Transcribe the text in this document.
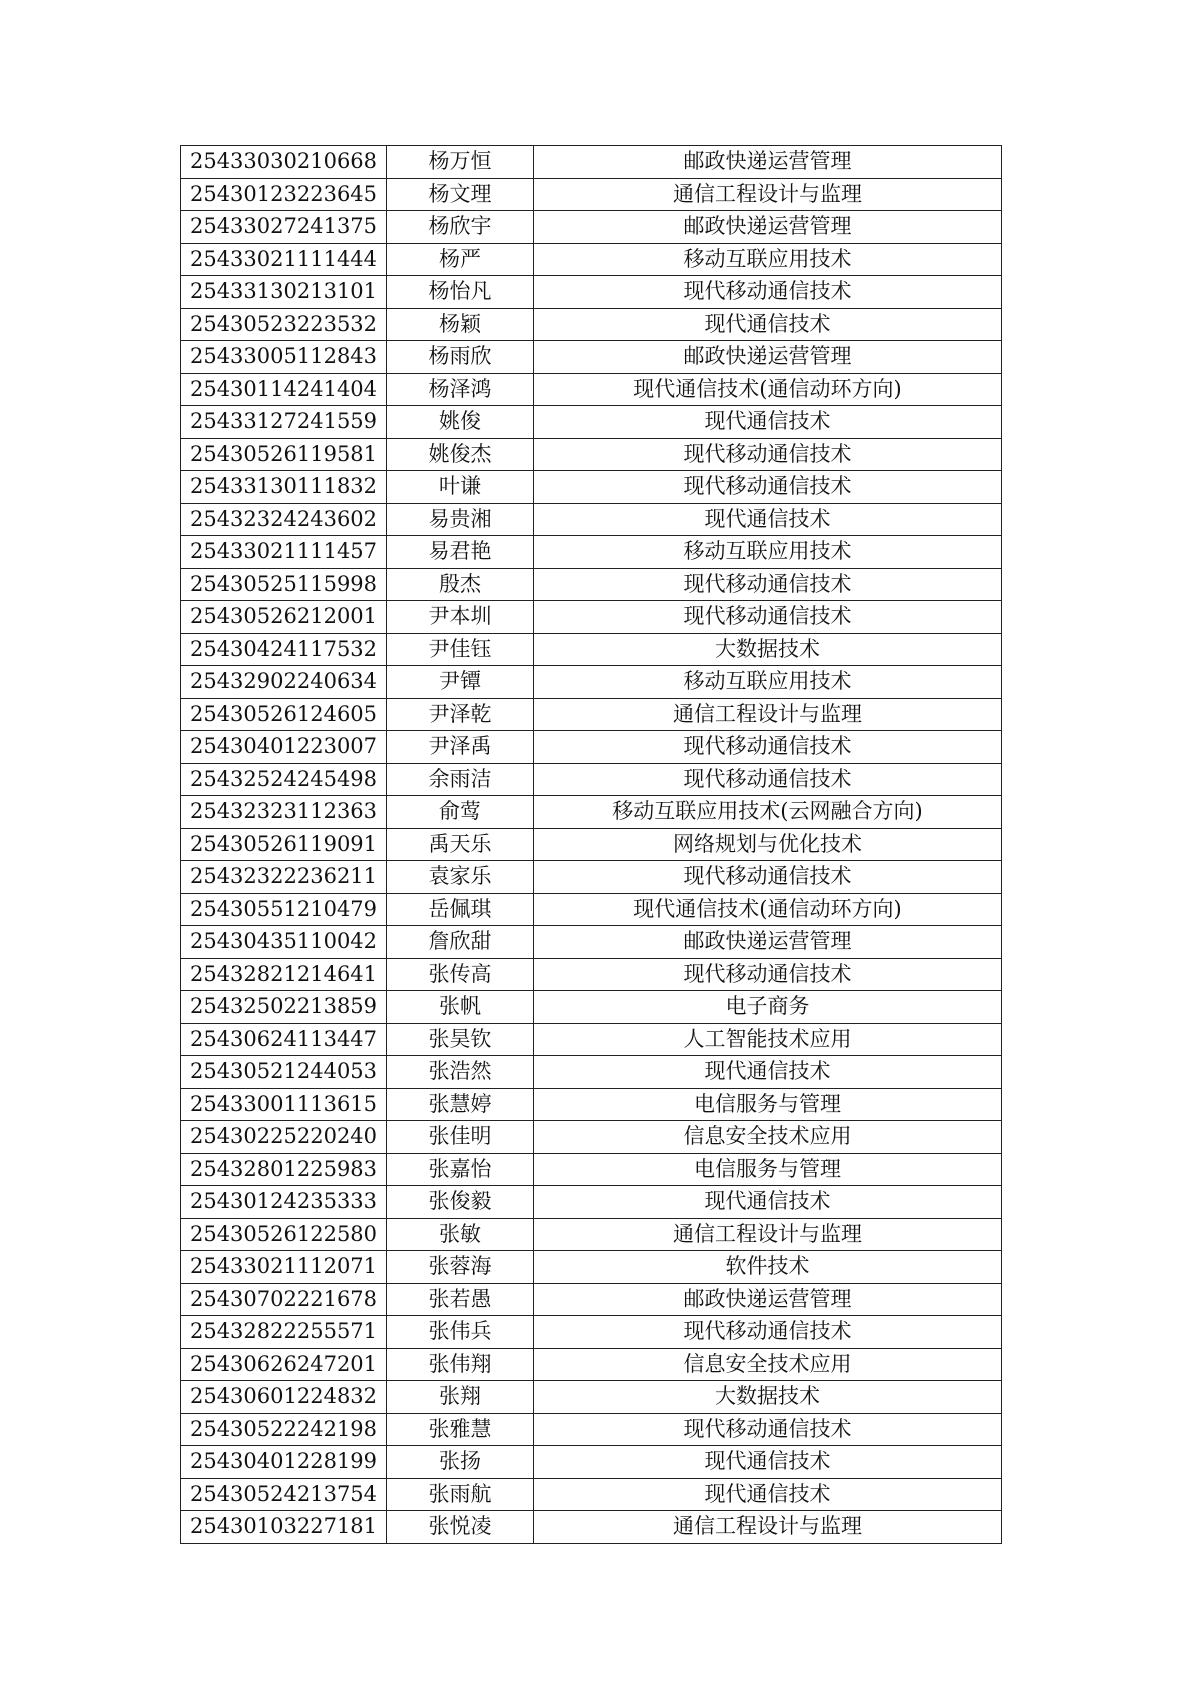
25433030210668	杨万恒	邮政快递运营管理
25430123223645	杨文理	通信工程设计与监理
25433027241375	杨欣宇	邮政快递运营管理
25433021111444	杨严	移动互联应用技术
25433130213101	杨怡凡	现代移动通信技术
25430523223532	杨颖	现代通信技术
25433005112843	杨雨欣	邮政快递运营管理
25430114241404	杨泽鸿	现代通信技术(通信动环方向)
25433127241559	姚俊	现代通信技术
25430526119581	姚俊杰	现代移动通信技术
25433130111832	叶谦	现代移动通信技术
25432324243602	易贵湘	现代通信技术
25433021111457	易君艳	移动互联应用技术
25430525115998	殷杰	现代移动通信技术
25430526212001	尹本圳	现代移动通信技术
25430424117532	尹佳钰	大数据技术
25432902240634	尹镡	移动互联应用技术
25430526124605	尹泽乾	通信工程设计与监理
25430401223007	尹泽禹	现代移动通信技术
25432524245498	余雨洁	现代移动通信技术
25432323112363	俞莺	移动互联应用技术(云网融合方向)
25430526119091	禹天乐	网络规划与优化技术
25432322236211	袁家乐	现代移动通信技术
25430551210479	岳佩琪	现代通信技术(通信动环方向)
25430435110042	詹欣甜	邮政快递运营管理
25432821214641	张传高	现代移动通信技术
25432502213859	张帆	电子商务
25430624113447	张昊钦	人工智能技术应用
25430521244053	张浩然	现代通信技术
25433001113615	张慧婷	电信服务与管理
25430225220240	张佳明	信息安全技术应用
25432801225983	张嘉怡	电信服务与管理
25430124235333	张俊毅	现代通信技术
25430526122580	张敏	通信工程设计与监理
25433021112071	张蓉海	软件技术
25430702221678	张若愚	邮政快递运营管理
25432822255571	张伟兵	现代移动通信技术
25430626247201	张伟翔	信息安全技术应用
25430601224832	张翔	大数据技术
25430522242198	张雅慧	现代移动通信技术
25430401228199	张扬	现代通信技术
25430524213754	张雨航	现代通信技术
25430103227181	张悦凌	通信工程设计与监理
